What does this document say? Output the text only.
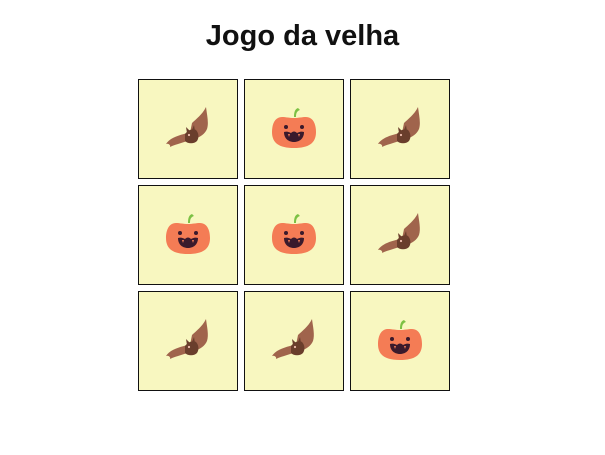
Jogo da velha
